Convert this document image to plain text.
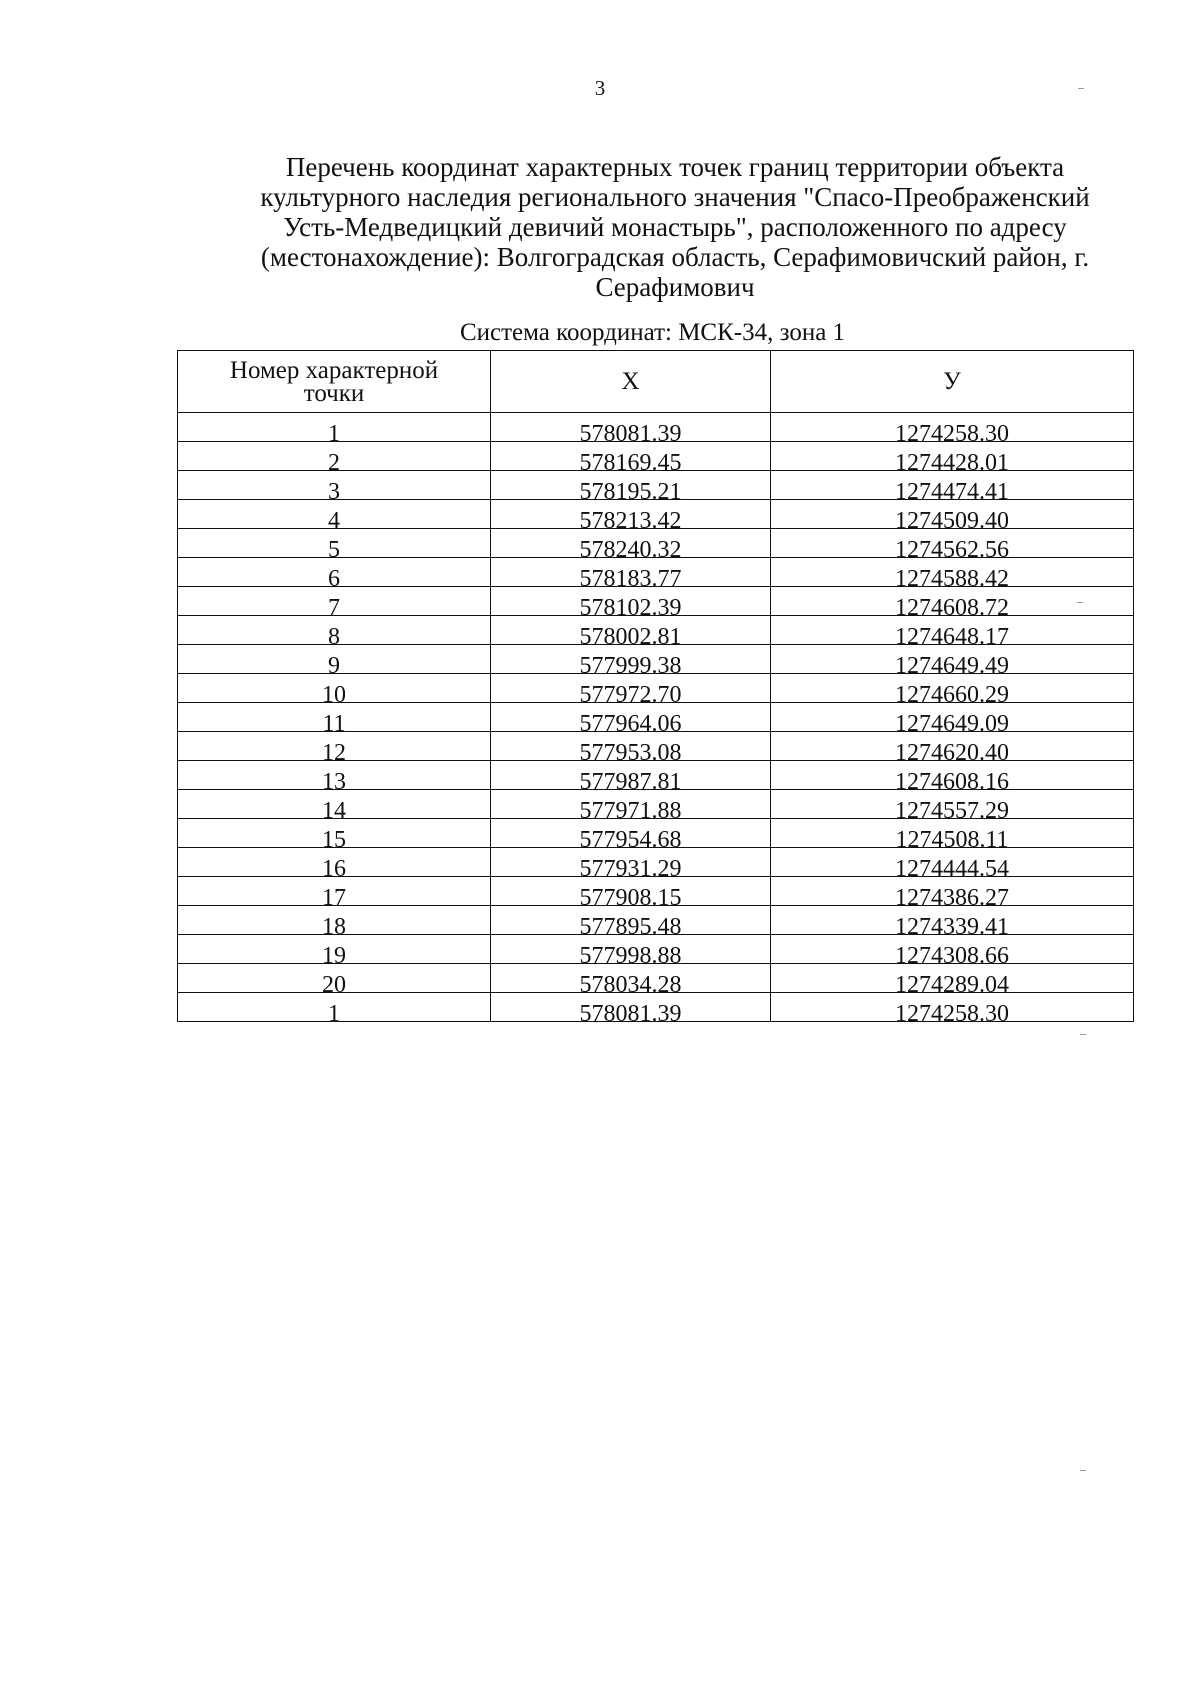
3
Перечень координат характерных точек границ территории объекта
культурного наследия регионального значения "Спасо-Преображенский
Усть-Медведицкий девичий монастырь", расположенного по адресу
(местонахождение): Волгоградская область, Серафимовичский район, г.
Серафимович
Система координат: МСК-34, зона 1
Номер характерной
точки	X	У
1	578081.39	1274258.30
2	578169.45	1274428.01
3	578195.21	1274474.41
4	578213.42	1274509.40
5	578240.32	1274562.56
6	578183.77	1274588.42
7	578102.39	1274608.72
8	578002.81	1274648.17
9	577999.38	1274649.49
10	577972.70	1274660.29
11	577964.06	1274649.09
12	577953.08	1274620.40
13	577987.81	1274608.16
14	577971.88	1274557.29
15	577954.68	1274508.11
16	577931.29	1274444.54
17	577908.15	1274386.27
18	577895.48	1274339.41
19	577998.88	1274308.66
20	578034.28	1274289.04
1	578081.39	1274258.30
